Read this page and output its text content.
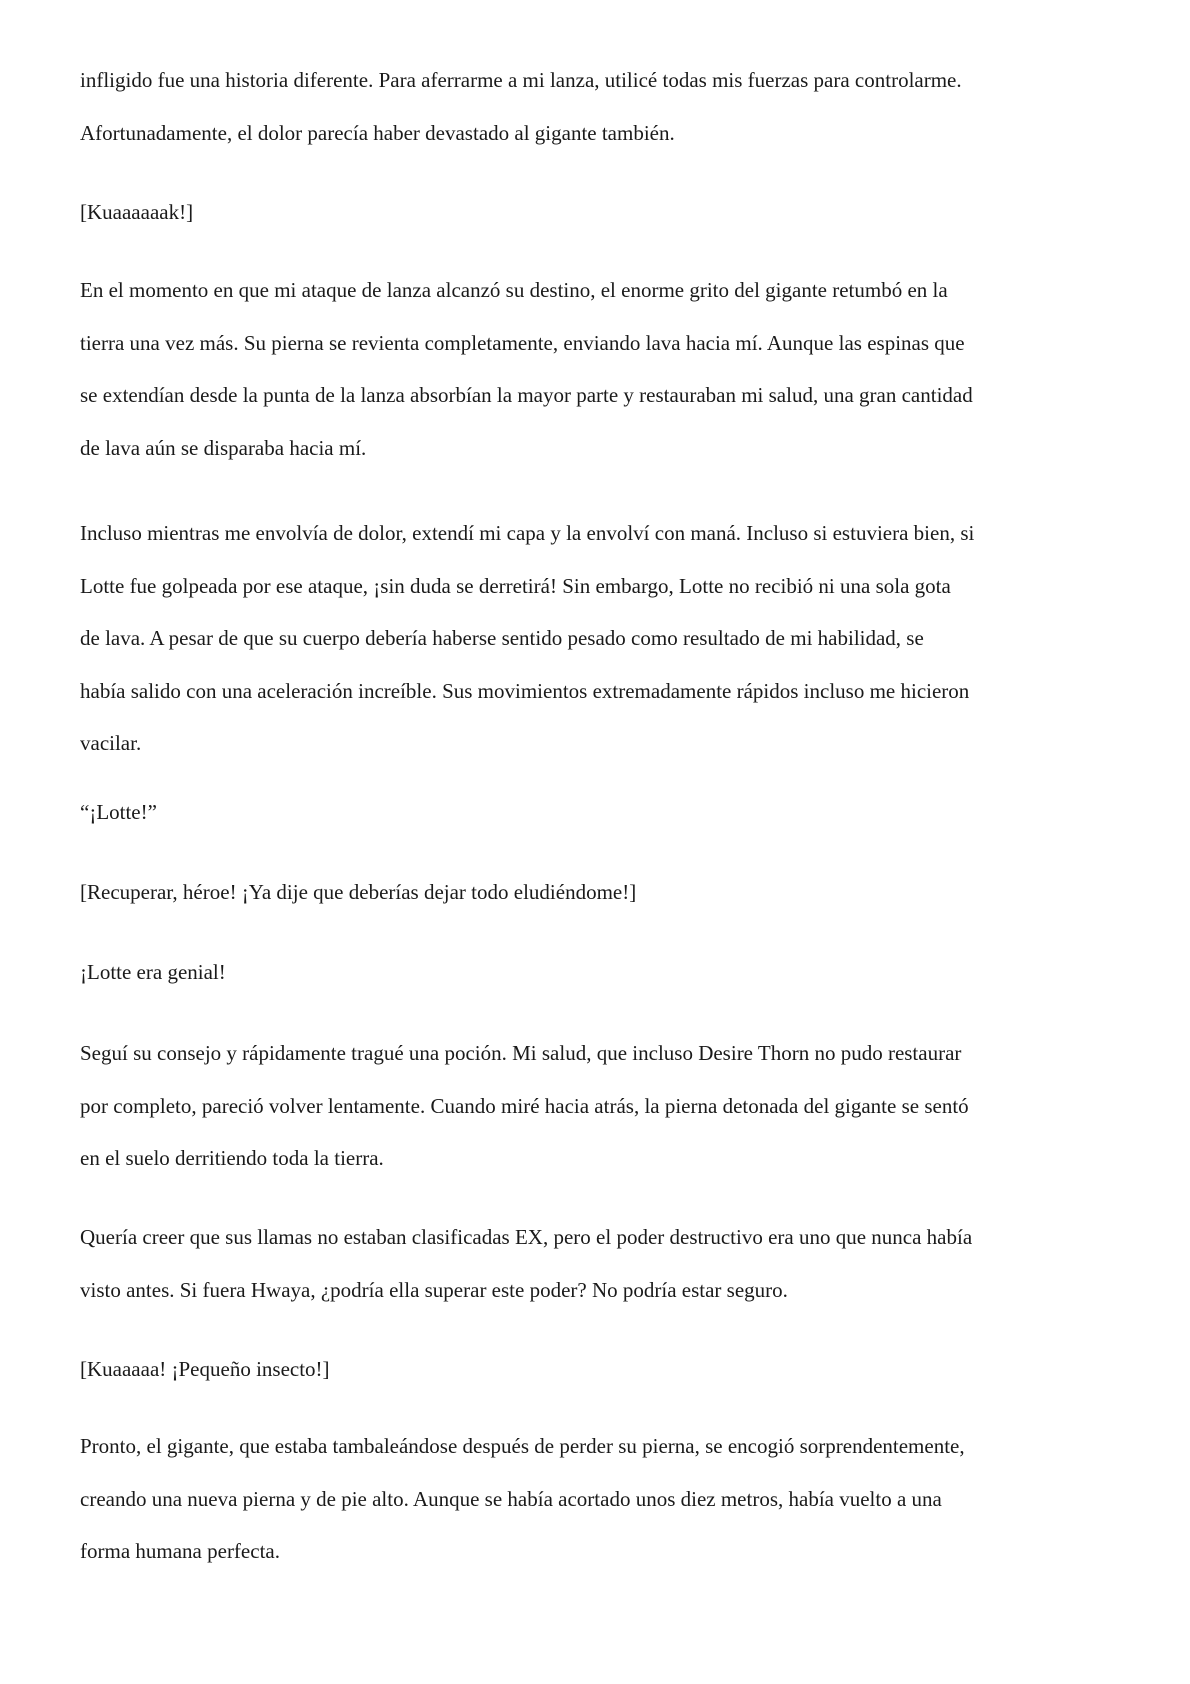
infligido fue una historia diferente. Para aferrarme a mi lanza, utilicé todas mis fuerzas para controlarme.
Afortunadamente, el dolor parecía haber devastado al gigante también.

[Kuaaaaaak!]

En el momento en que mi ataque de lanza alcanzó su destino, el enorme grito del gigante retumbó en la
tierra una vez más. Su pierna se revienta completamente, enviando lava hacia mí. Aunque las espinas que
se extendían desde la punta de la lanza absorbían la mayor parte y restauraban mi salud, una gran cantidad
de lava aún se disparaba hacia mí.

Incluso mientras me envolvía de dolor, extendí mi capa y la envolví con maná. Incluso si estuviera bien, si
Lotte fue golpeada por ese ataque, ¡sin duda se derretirá! Sin embargo, Lotte no recibió ni una sola gota
de lava. A pesar de que su cuerpo debería haberse sentido pesado como resultado de mi habilidad, se
había salido con una aceleración increíble. Sus movimientos extremadamente rápidos incluso me hicieron
vacilar.

“¡Lotte!”

[Recuperar, héroe! ¡Ya dije que deberías dejar todo eludiéndome!]

¡Lotte era genial!

Seguí su consejo y rápidamente tragué una poción. Mi salud, que incluso Desire Thorn no pudo restaurar
por completo, pareció volver lentamente. Cuando miré hacia atrás, la pierna detonada del gigante se sentó
en el suelo derritiendo toda la tierra.

Quería creer que sus llamas no estaban clasificadas EX, pero el poder destructivo era uno que nunca había
visto antes. Si fuera Hwaya, ¿podría ella superar este poder? No podría estar seguro.

[Kuaaaaa! ¡Pequeño insecto!]

Pronto, el gigante, que estaba tambaleándose después de perder su pierna, se encogió sorprendentemente,
creando una nueva pierna y de pie alto. Aunque se había acortado unos diez metros, había vuelto a una
forma humana perfecta.
